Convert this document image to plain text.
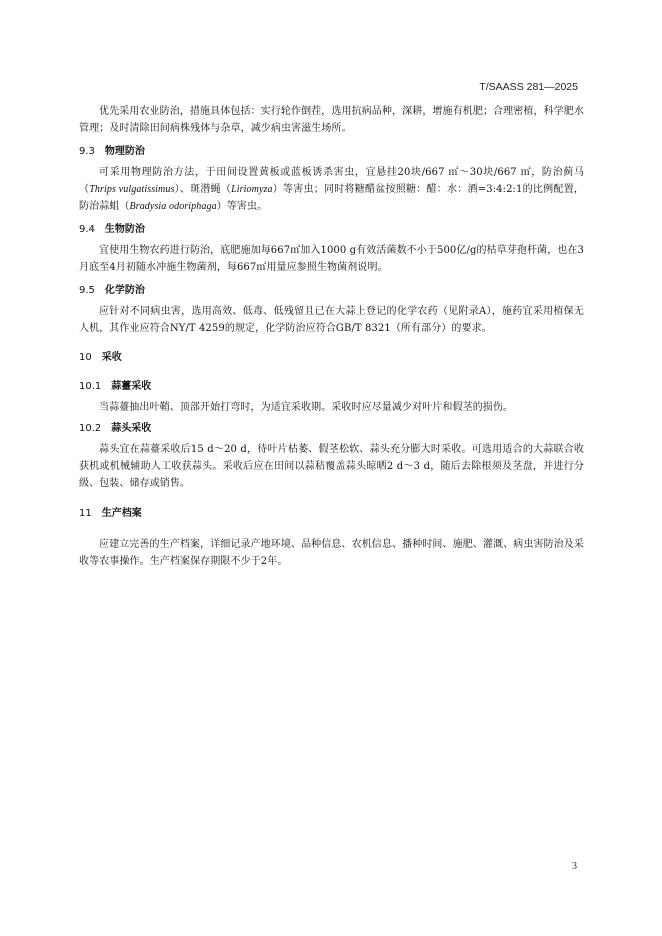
T/SAASS 281—2025

优先采用农业防治，措施具体包括：实行轮作倒茬，选用抗病品种，深耕，增施有机肥；合理密植，科学肥水管理；及时清除田间病株残体与杂草，减少病虫害滋生场所。

9.3 物理防治

可采用物理防治方法，于田间设置黄板或蓝板诱杀害虫，宜悬挂20块/667 ㎡～30块/667 ㎡，防治蓟马（Thrips vulgatissimus）、斑潜蝇（Liriomyza）等害虫；同时将糖醋盆按照糖：醋：水：酒=3:4:2:1的比例配置，防治蒜蛆（Bradysia odoriphaga）等害虫。

9.4 生物防治

宜使用生物农药进行防治，底肥施加每667㎡加入1000 g有效活菌数不小于500亿/g的枯草芽孢杆菌，也在3月底至4月初随水冲施生物菌剂，每667㎡用量应参照生物菌剂说明。

9.5 化学防治

应针对不同病虫害，选用高效、低毒、低残留且已在大蒜上登记的化学农药（见附录A），施药宜采用植保无人机，其作业应符合NY/T 4259的规定，化学防治应符合GB/T 8321（所有部分）的要求。

10 采收
10.1 蒜薹采收

当蒜薹抽出叶鞘、顶部开始打弯时，为适宜采收期。采收时应尽量减少对叶片和假茎的损伤。

10.2 蒜头采收

蒜头宜在蒜薹采收后15 d～20 d，待叶片枯萎、假茎松软、蒜头充分膨大时采收。可选用适合的大蒜联合收获机或机械辅助人工收获蒜头。采收后应在田间以蒜秸覆盖蒜头晾晒2 d～3 d，随后去除根须及茎盘，并进行分级、包装、储存或销售。

11 生产档案

应建立完善的生产档案，详细记录产地环境、品种信息、农机信息、播种时间、施肥、灌溉、病虫害防治及采收等农事操作。生产档案保存期限不少于2年。

3
